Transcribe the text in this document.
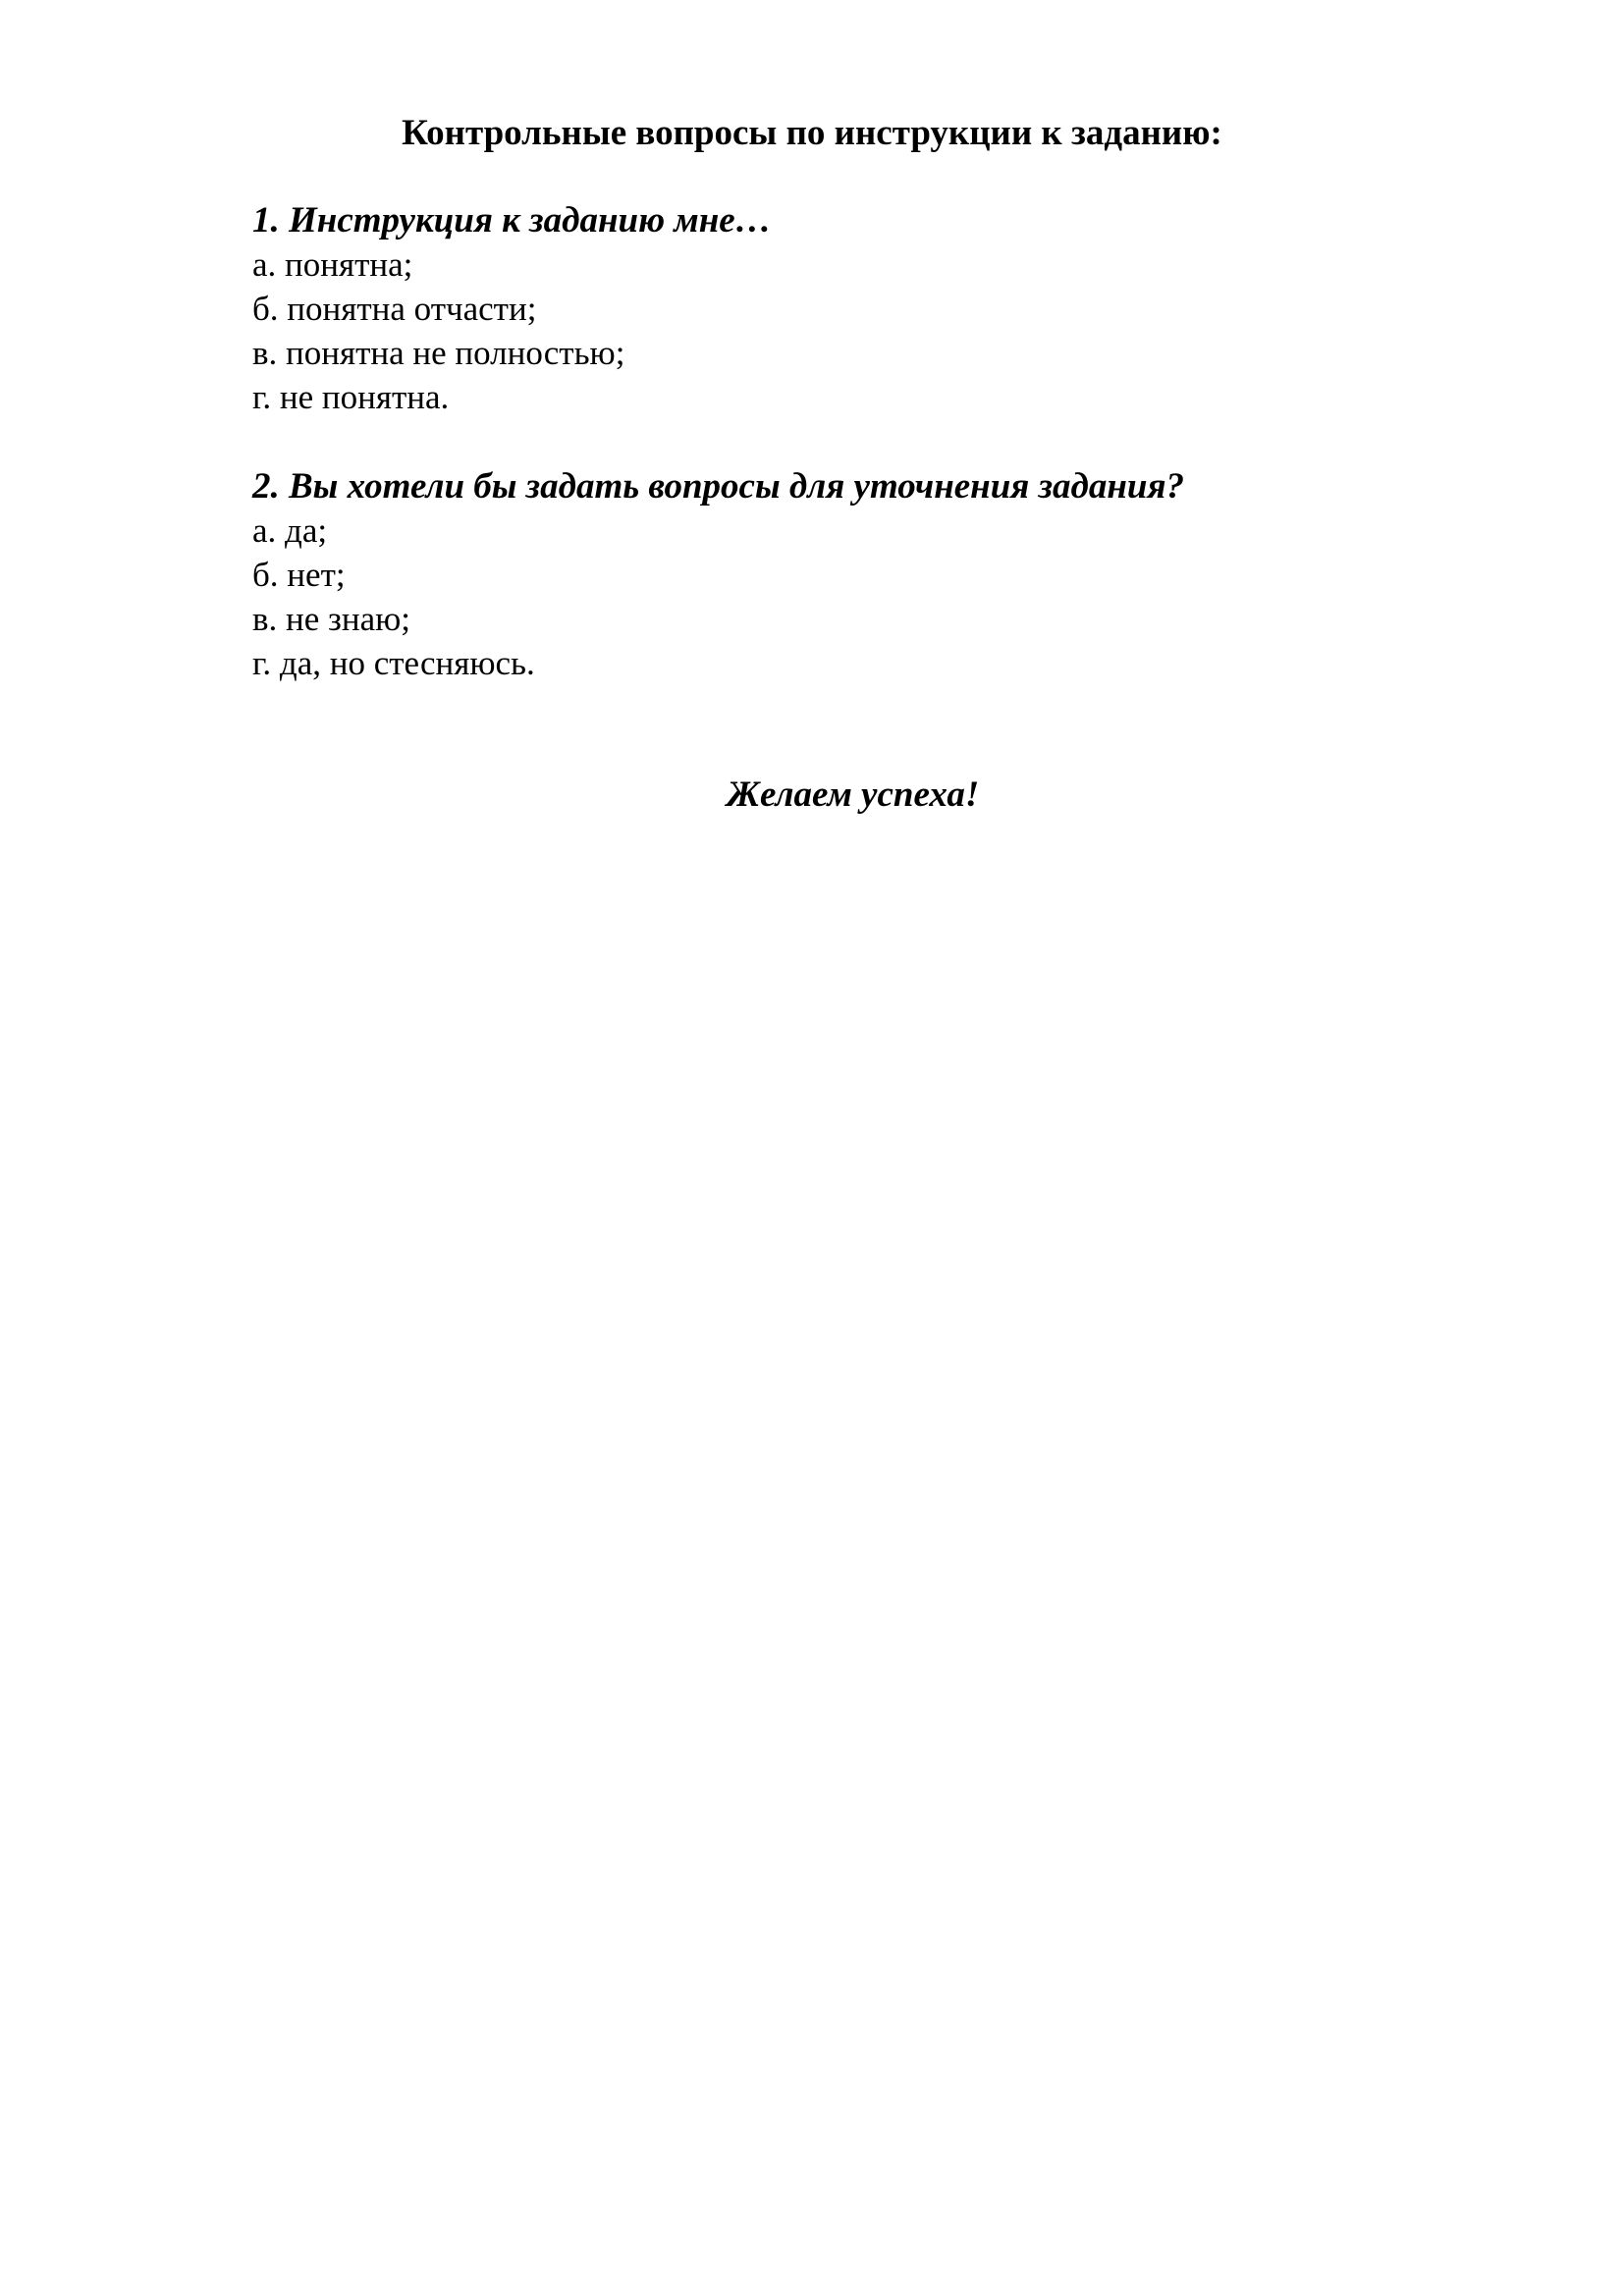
Контрольные вопросы по инструкции к заданию:
1. Инструкция к заданию мне…
а. понятна;
б. понятна отчасти;
в. понятна не полностью;
г. не понятна.
2. Вы хотели бы задать вопросы для уточнения задания?
а. да;
б. нет;
в. не знаю;
г. да, но стесняюсь.
Желаем успеха!
